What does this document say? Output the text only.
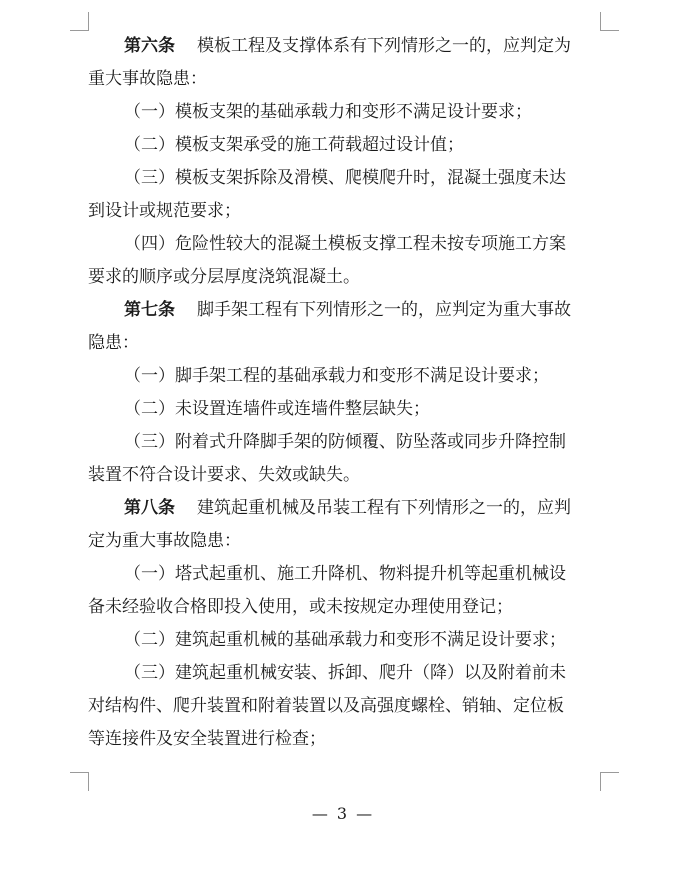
第六条 模板工程及支撑体系有下列情形之一的，应判定为
重大事故隐患：
（一）模板支架的基础承载力和变形不满足设计要求；
（二）模板支架承受的施工荷载超过设计值；
（三）模板支架拆除及滑模、爬模爬升时，混凝土强度未达
到设计或规范要求；
（四）危险性较大的混凝土模板支撑工程未按专项施工方案
要求的顺序或分层厚度浇筑混凝土。
第七条 脚手架工程有下列情形之一的，应判定为重大事故
隐患：
（一）脚手架工程的基础承载力和变形不满足设计要求；
（二）未设置连墙件或连墙件整层缺失；
（三）附着式升降脚手架的防倾覆、防坠落或同步升降控制
装置不符合设计要求、失效或缺失。
第八条 建筑起重机械及吊装工程有下列情形之一的，应判
定为重大事故隐患：
（一）塔式起重机、施工升降机、物料提升机等起重机械设
备未经验收合格即投入使用，或未按规定办理使用登记；
（二）建筑起重机械的基础承载力和变形不满足设计要求；
（三）建筑起重机械安装、拆卸、爬升（降）以及附着前未
对结构件、爬升装置和附着装置以及高强度螺栓、销轴、定位板
等连接件及安全装置进行检查；
— 3 —
